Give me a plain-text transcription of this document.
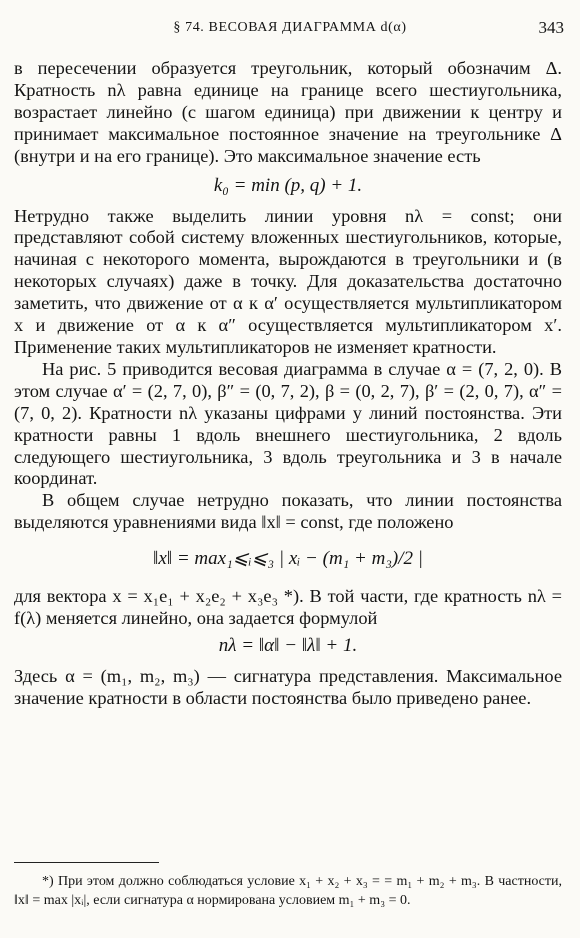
§ 74. ВЕСОВАЯ ДИАГРАММА d(α)	343

в пересечении образуется треугольник, который обозначим Δ. Кратность nλ равна единице на границе всего шестиугольника, возрастает линейно (с шагом единица) при движении к центру и принимает максимальное постоянное значение на треугольнике Δ (внутри и на его границе). Это максимальное значение есть

k₀ = min (p, q) + 1.

Нетрудно также выделить линии уровня nλ = const; они представляют собой систему вложенных шестиугольников, которые, начиная с некоторого момента, вырождаются в треугольники и (в некоторых случаях) даже в точку. Для доказательства достаточно заметить, что движение от α к α′ осуществляется мультипликатором x и движение от α к α″ осуществляется мультипликатором x′. Применение таких мультипликаторов не изменяет кратности.

На рис. 5 приводится весовая диаграмма в случае α = (7, 2, 0). В этом случае α′ = (2, 7, 0), β″ = (0, 7, 2), β = (0, 2, 7), β′ = (2, 0, 7), α″ = (7, 0, 2). Кратности nλ указаны цифрами у линий постоянства. Эти кратности равны 1 вдоль внешнего шестиугольника, 2 вдоль следующего шестиугольника, 3 вдоль треугольника и 3 в начале координат.

В общем случае нетрудно показать, что линии постоянства выделяются уравнениями вида ‖x‖ = const, где положено

‖x‖ = max₁⩽ᵢ⩽₃ | xᵢ − (m₁ + m₃)/2 |

для вектора x = x₁e₁ + x₂e₂ + x₃e₃ *). В той части, где кратность nλ = f(λ) меняется линейно, она задается формулой

nλ = ‖α‖ − ‖λ‖ + 1.

Здесь α = (m₁, m₂, m₃) — сигнатура представления. Максимальное значение кратности в области постоянства было приведено ранее.

*) При этом должно соблюдаться условие x₁ + x₂ + x₃ = = m₁ + m₂ + m₃. В частности, ‖x‖ = max |xᵢ|, если сигнатура α нормирована условием m₁ + m₃ = 0.
